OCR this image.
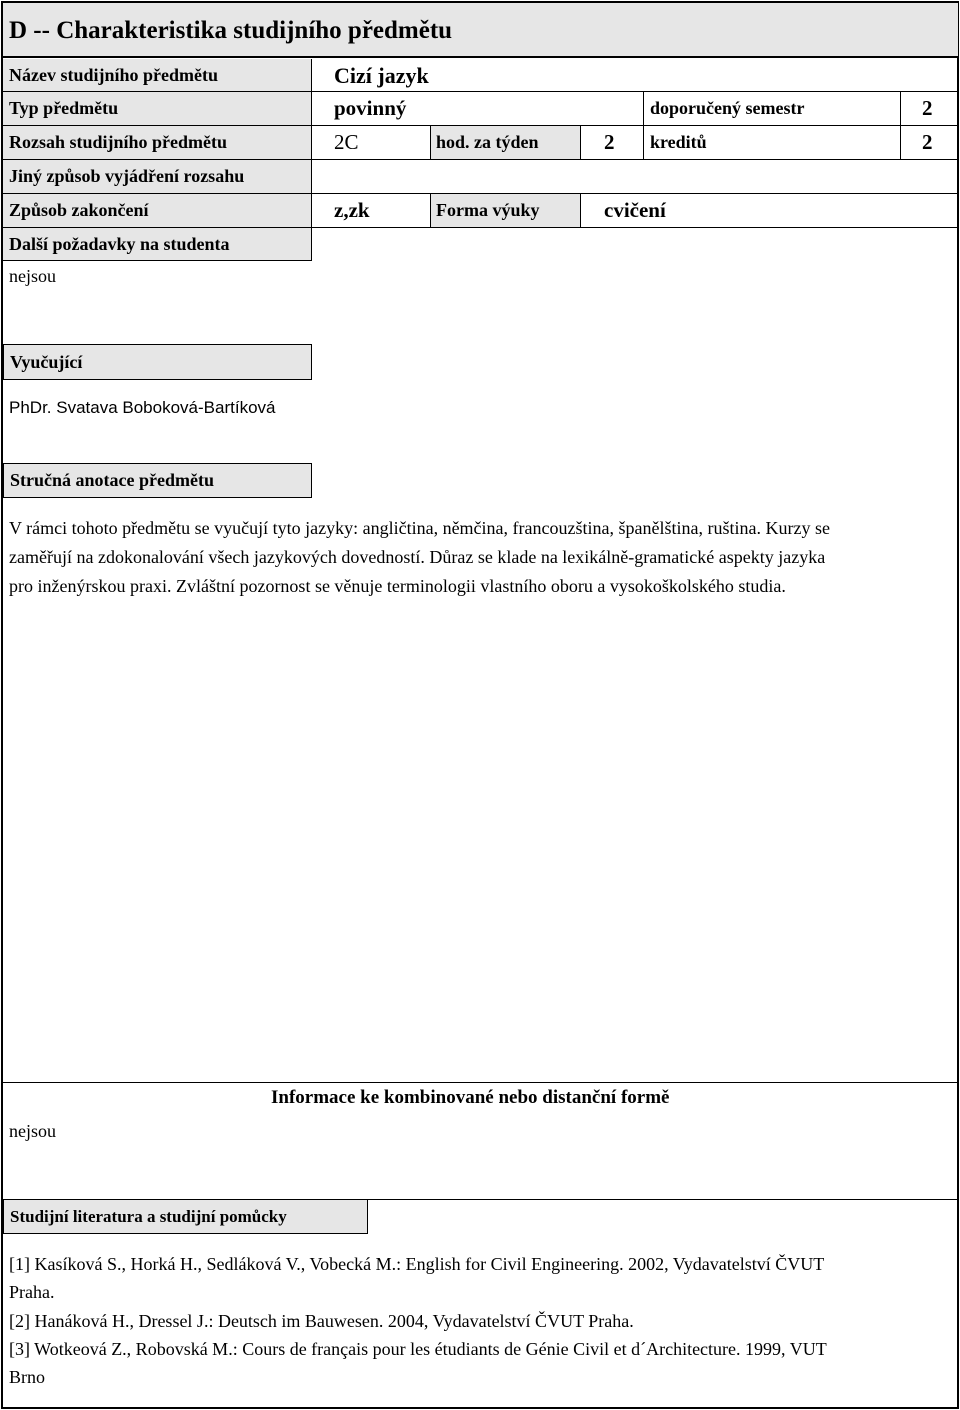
D -- Charakteristika studijního předmětu
Název studijního předmětu	Cizí jazyk
Typ předmětu	povinný	doporučený semestr	2
Rozsah studijního předmětu	2C	hod. za týden	2	kreditů	2
Jiný způsob vyjádření rozsahu
Způsob zakončení	z,zk	Forma výuky	cvičení
Další požadavky na studenta
nejsou
Vyučující
PhDr. Svatava Boboková-Bartíková
Stručná anotace předmětu
V rámci tohoto předmětu se vyučují tyto jazyky: angličtina, němčina, francouzština, španělština, ruština. Kurzy se
zaměřují na zdokonalování všech jazykových dovedností. Důraz se klade na lexikálně-gramatické aspekty jazyka
pro inženýrskou praxi. Zvláštní pozornost se věnuje terminologii vlastního oboru a vysokoškolského studia.
Informace ke kombinované nebo distanční formě
nejsou
Studijní literatura a studijní pomůcky
[1] Kasíková S., Horká H., Sedláková V., Vobecká M.: English for Civil Engineering. 2002, Vydavatelství ČVUT
Praha.
[2] Hanáková H., Dressel J.: Deutsch im Bauwesen. 2004, Vydavatelství ČVUT Praha.
[3] Wotkeová Z., Robovská M.: Cours de français pour les étudiants de Génie Civil et d´Architecture. 1999, VUT
Brno
